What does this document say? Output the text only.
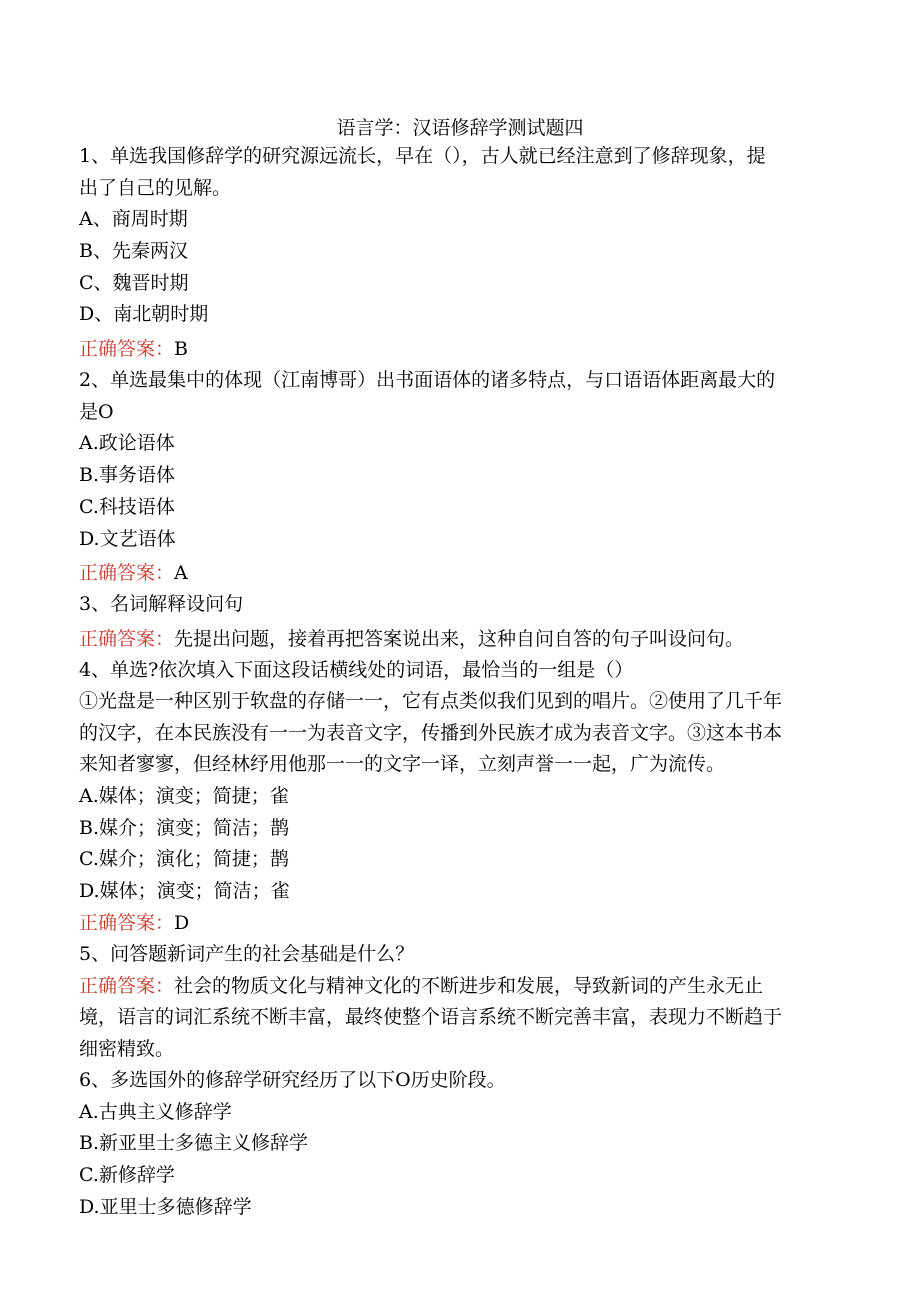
语言学：汉语修辞学测试题四
1、单选我国修辞学的研究源远流长，早在（），古人就已经注意到了修辞现象，提
出了自己的见解。
A、商周时期
B、先秦两汉
C、魏晋时期
D、南北朝时期
正确答案：B
2、单选最集中的体现（江南博哥）出书面语体的诸多特点，与口语语体距离最大的
是O
A.政论语体
B.事务语体
C.科技语体
D.文艺语体
正确答案：A
3、名词解释设问句
正确答案：先提出问题，接着再把答案说出来，这种自问自答的句子叫设问句。
4、单选?依次填入下面这段话横线处的词语，最恰当的一组是（）
①光盘是一种区别于软盘的存储一一，它有点类似我们见到的唱片。②使用了几千年
的汉字，在本民族没有一一为表音文字，传播到外民族才成为表音文字。③这本书本
来知者寥寥，但经林纾用他那一一的文字一译，立刻声誉一一起，广为流传。
A.媒体；演变；简捷；雀
B.媒介；演变；简洁；鹊
C.媒介；演化；简捷；鹊
D.媒体；演变；简洁；雀
正确答案：D
5、问答题新词产生的社会基础是什么？
正确答案：社会的物质文化与精神文化的不断进步和发展，导致新词的产生永无止
境，语言的词汇系统不断丰富，最终使整个语言系统不断完善丰富，表现力不断趋于
细密精致。
6、多选国外的修辞学研究经历了以下O历史阶段。
A.古典主义修辞学
B.新亚里士多德主义修辞学
C.新修辞学
D.亚里士多德修辞学
